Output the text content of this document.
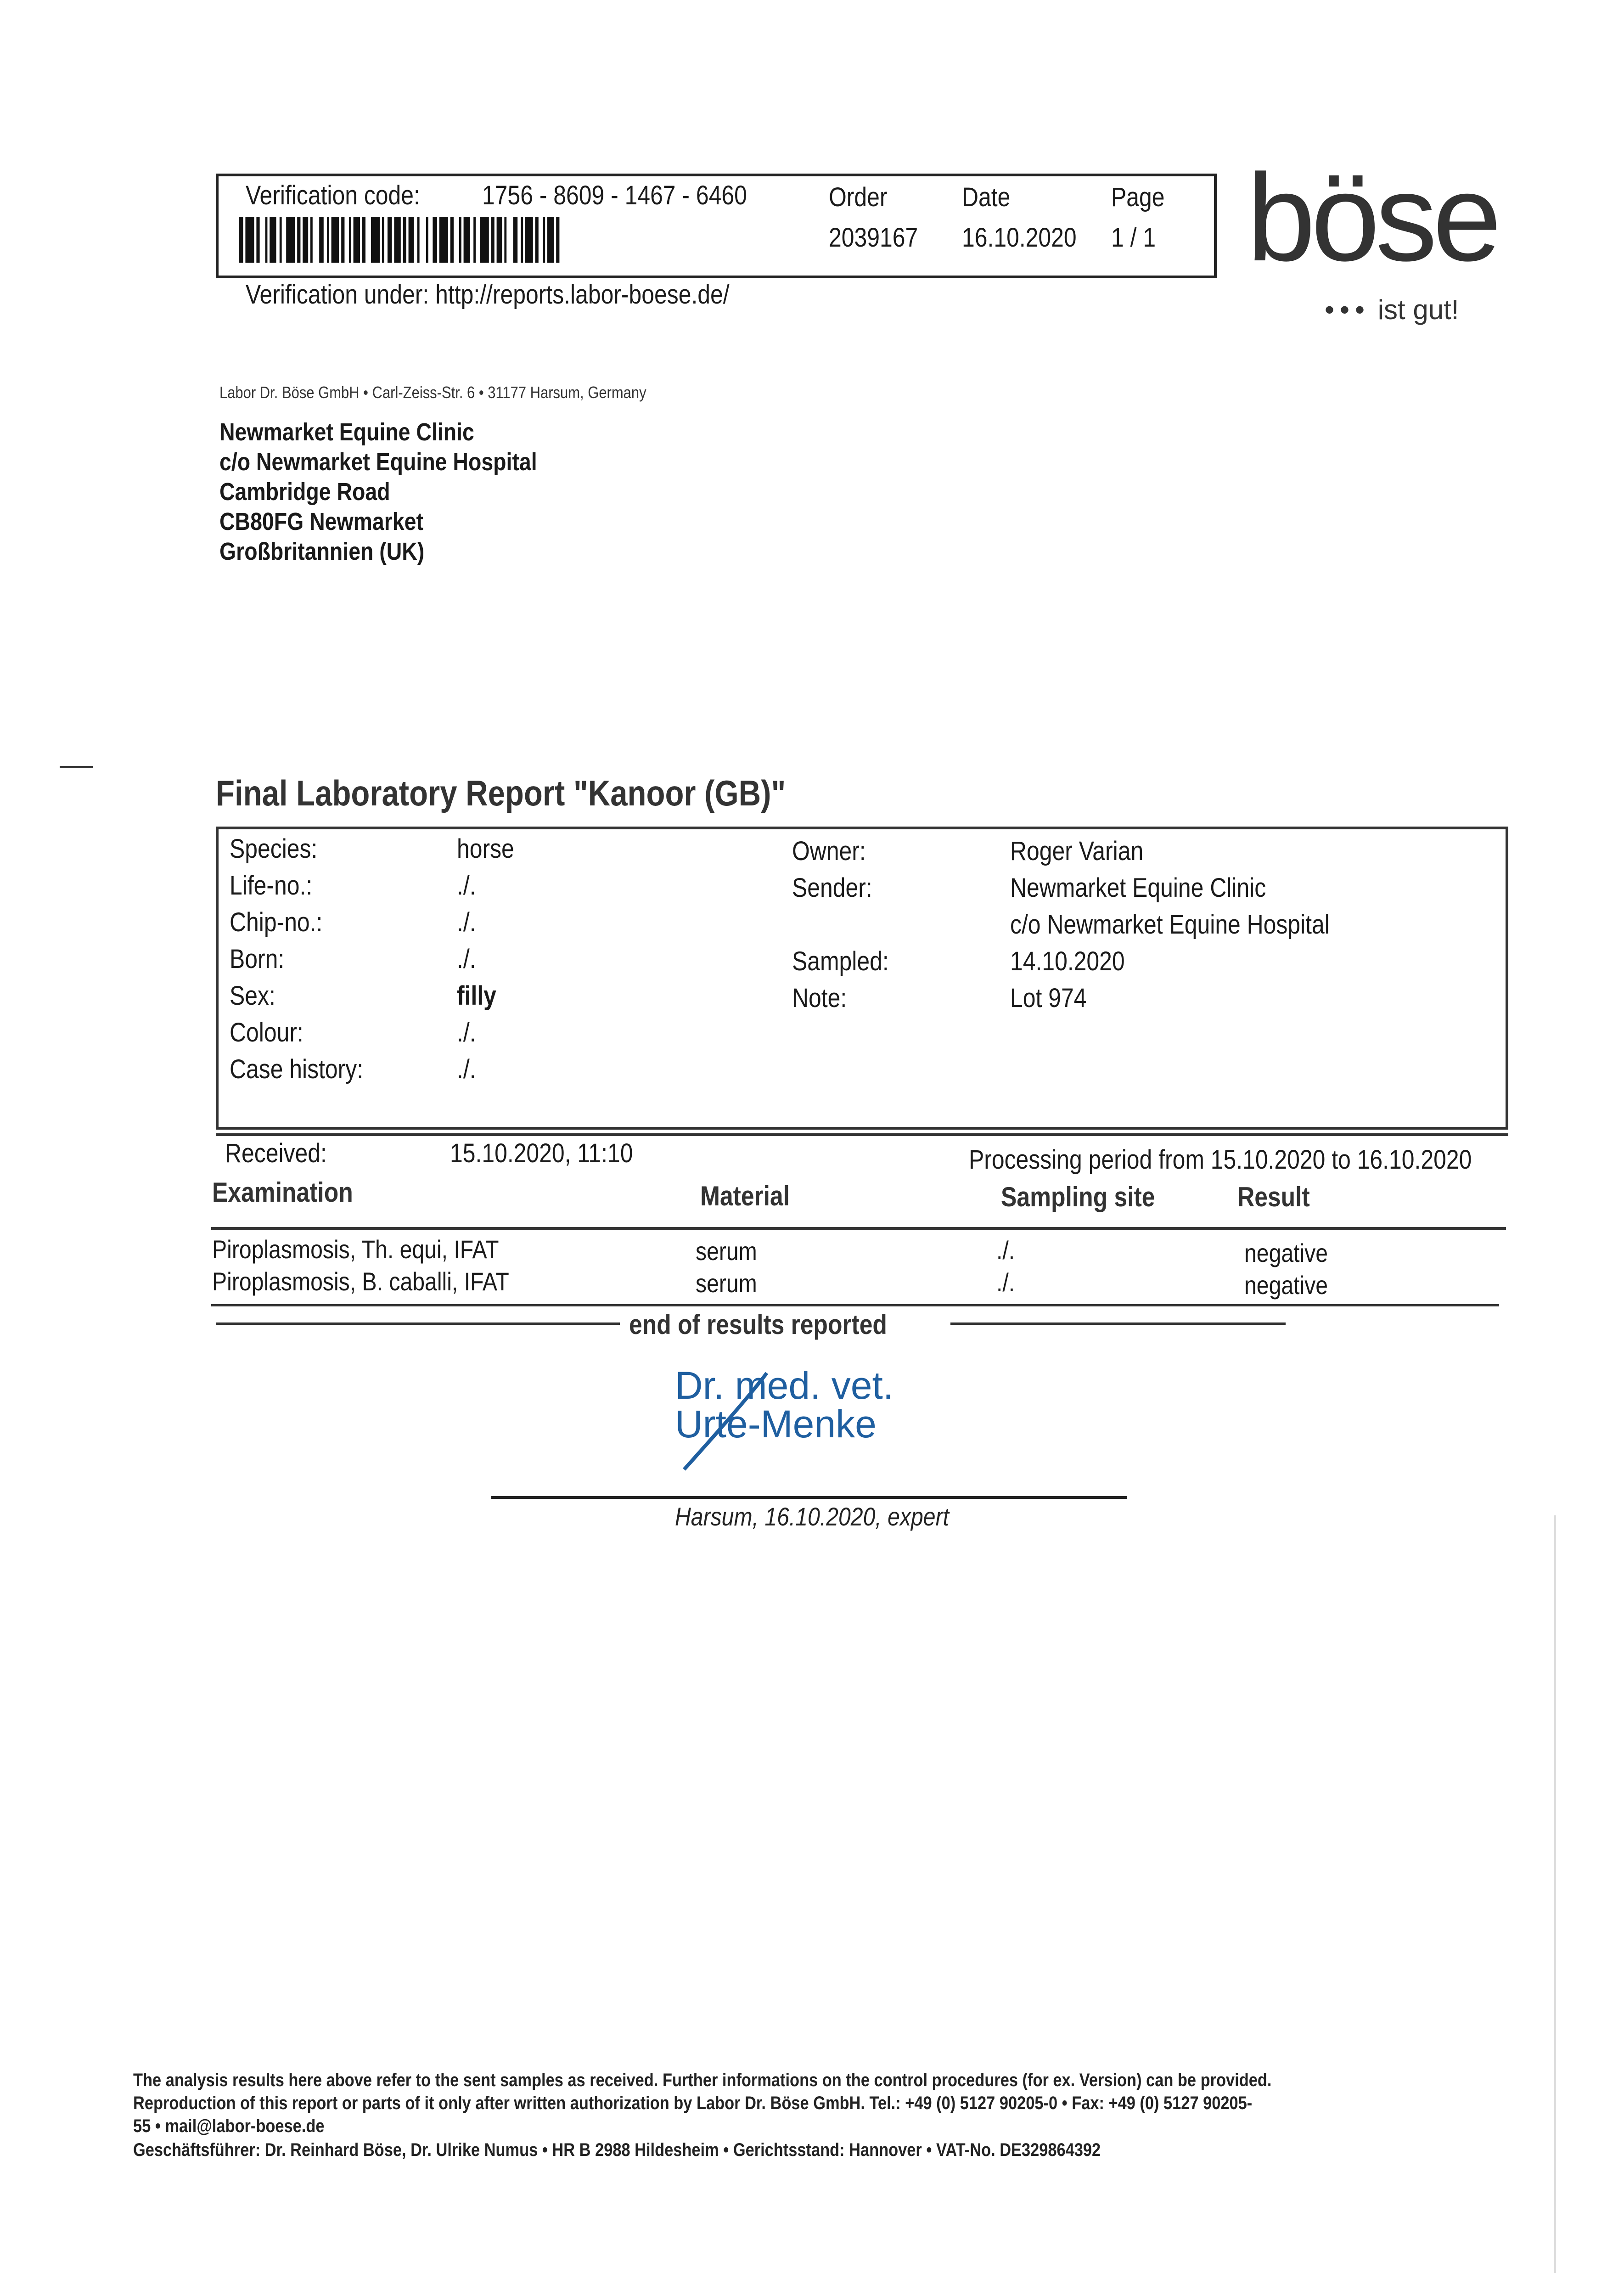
Verification code:	1756 - 8609 - 1467 - 6460	Order	Date	Page
2039167	16.10.2020	1 / 1
Verification under: http://reports.labor-boese.de/
böse
••• ist gut!
Labor Dr. Böse GmbH • Carl-Zeiss-Str. 6 • 31177 Harsum, Germany
Newmarket Equine Clinic
c/o Newmarket Equine Hospital
Cambridge Road
CB80FG Newmarket
Großbritannien (UK)
Final Laboratory Report "Kanoor (GB)"
Species:	horse
Life-no.:	./.
Chip-no.:	./.
Born:	./.
Sex:	filly
Colour:	./.
Case history:	./.
Owner:	Roger Varian
Sender:	Newmarket Equine Clinic
c/o Newmarket Equine Hospital
Sampled:	14.10.2020
Note:	Lot 974
Received:	15.10.2020, 11:10	Processing period from 15.10.2020 to 16.10.2020
Examination	Material	Sampling site	Result
Piroplasmosis, Th. equi, IFAT	serum	./.	negative
Piroplasmosis, B. caballi, IFAT	serum	./.	negative
end of results reported
Dr. med. vet.
Urte-Menke
Harsum, 16.10.2020, expert
The analysis results here above refer to the sent samples as received. Further informations on the control procedures (for ex. Version) can be provided.
Reproduction of this report or parts of it only after written authorization by Labor Dr. Böse GmbH. Tel.: +49 (0) 5127 90205-0 • Fax: +49 (0) 5127 90205-
55 • mail@labor-boese.de
Geschäftsführer: Dr. Reinhard Böse, Dr. Ulrike Numus • HR B 2988 Hildesheim • Gerichtsstand: Hannover • VAT-No. DE329864392
